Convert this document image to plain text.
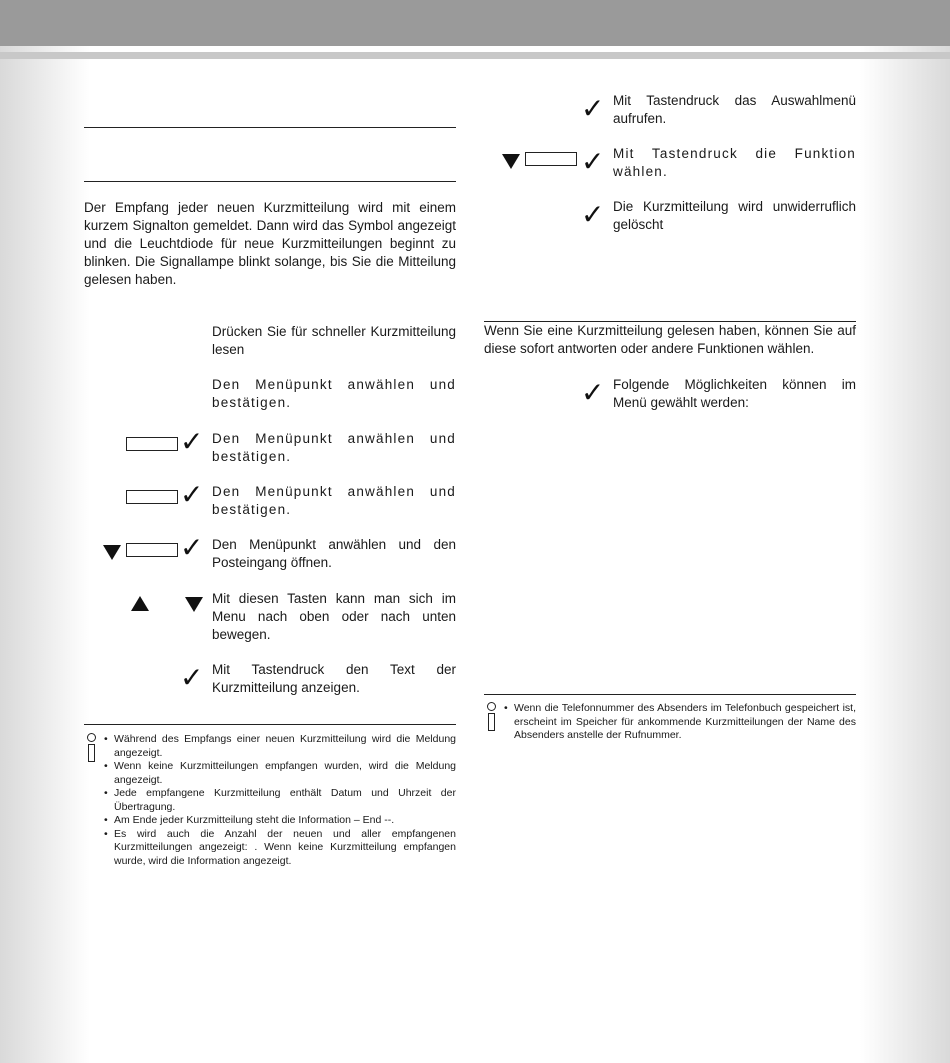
Der Empfang jeder neuen Kurzmitteilung wird mit einem kurzem Signalton gemeldet. Dann wird das Symbol angezeigt und die Leuchtdiode für neue Kurzmitteilungen beginnt zu blinken. Die Signallampe blinkt solange, bis Sie die Mitteilung gelesen haben.

Drücken Sie für schneller Kurzmitteilung lesen

Den Menüpunkt anwählen und bestätigen.

✓ Den Menüpunkt anwählen und bestätigen.

✓ Den Menüpunkt anwählen und bestätigen.

✓ Den Menüpunkt anwählen und den Posteingang öffnen.

Mit diesen Tasten kann man sich im Menu nach oben oder nach unten bewegen.

✓ Mit Tastendruck den Text der Kurzmitteilung anzeigen.

• Während des Empfangs einer neuen Kurzmitteilung wird die Meldung angezeigt.
• Wenn keine Kurzmitteilungen empfangen wurden, wird die Meldung angezeigt.
• Jede empfangene Kurzmitteilung enthält Datum und Uhrzeit der Übertragung.
• Am Ende jeder Kurzmitteilung steht die Information – End --.
• Es wird auch die Anzahl der neuen und aller empfangenen Kurzmitteilungen angezeigt: . Wenn keine Kurzmitteilung empfangen wurde, wird die Information angezeigt.
✓ Mit Tastendruck das Auswahlmenü aufrufen.

✓ Mit Tastendruck die Funktion wählen.

✓ Die Kurzmitteilung wird unwiderruflich gelöscht

Wenn Sie eine Kurzmitteilung gelesen haben, können Sie auf diese sofort antworten oder andere Funktionen wählen.

✓ Folgende Möglichkeiten können im Menü gewählt werden:

• Wenn die Telefonnummer des Absenders im Telefonbuch gespeichert ist, erscheint im Speicher für ankommende Kurzmitteilungen der Name des Absenders anstelle der Rufnummer.
